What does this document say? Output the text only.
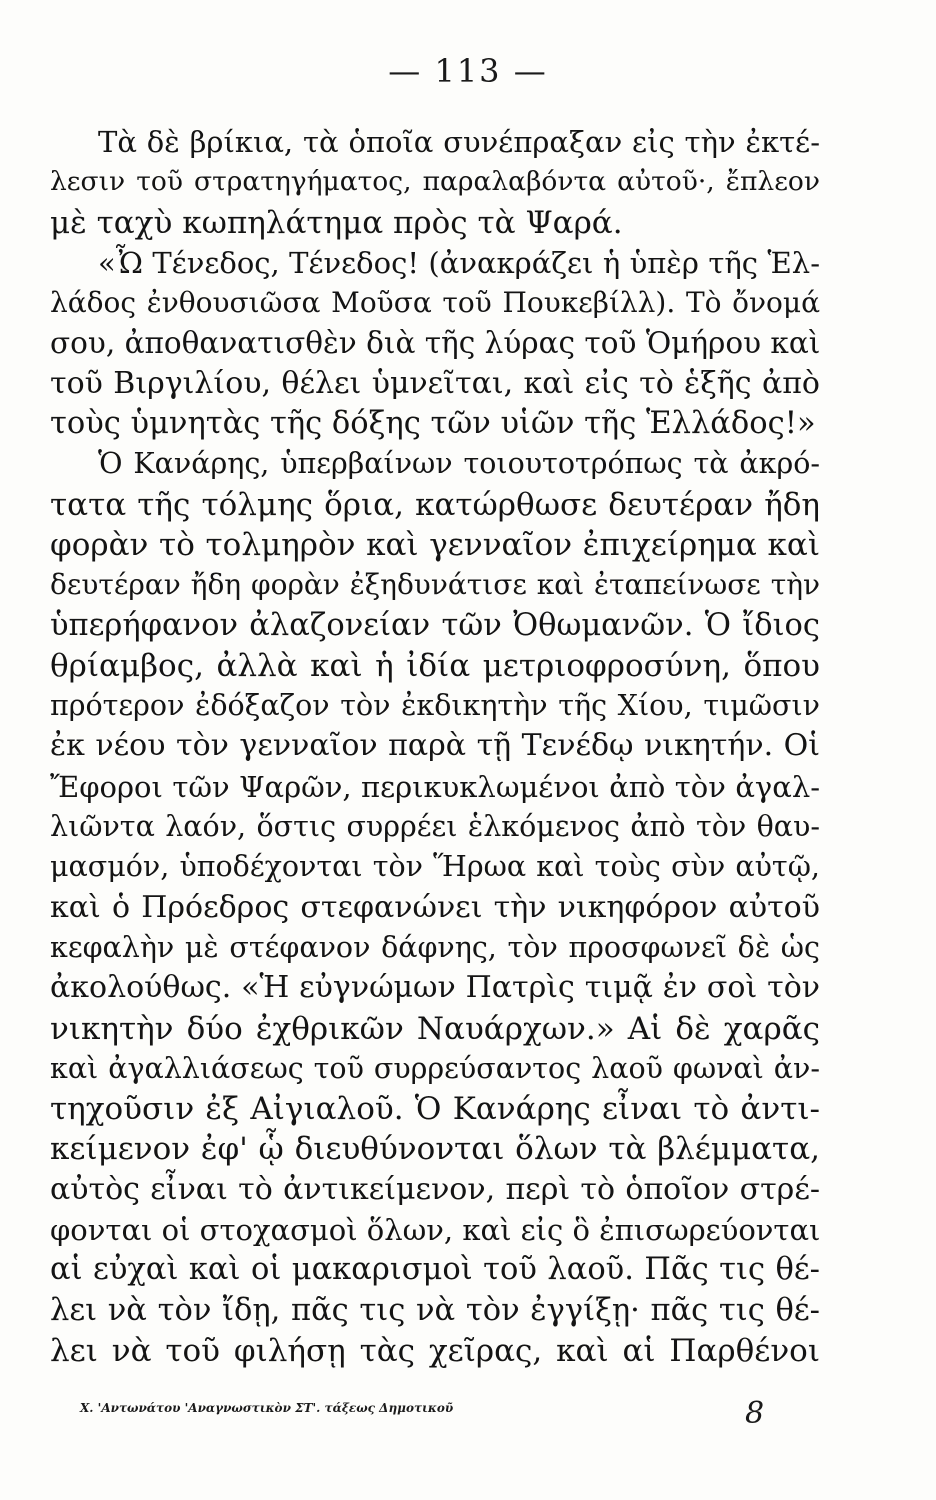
— 113 —
Τὰ δὲ βρίκια, τὰ ὁποῖα συνέπραξαν εἰς τὴν ἐκτέ-
λεσιν τοῦ στρατηγήματος, παραλαβόντα αὐτοῦ·, ἔπλεον
μὲ ταχὺ κωπηλάτημα πρὸς τὰ Ψαρά.
«Ὦ Τένεδος, Τένεδος! (ἀνακράζει ἡ ὑπὲρ τῆς Ἑλ-
λάδος ἐνθουσιῶσα Μοῦσα τοῦ Πουκεβίλλ). Τὸ ὄνομά
σου, ἀποθανατισθὲν διὰ τῆς λύρας τοῦ Ὁμήρου καὶ
τοῦ Βιργιλίου, θέλει ὑμνεῖται, καὶ εἰς τὸ ἑξῆς ἀπὸ
τοὺς ὑμνητὰς τῆς δόξης τῶν υἱῶν τῆς Ἑλλάδος!»
Ὁ Κανάρης, ὑπερβαίνων τοιουτοτρόπως τὰ ἀκρό-
τατα τῆς τόλμης ὅρια, κατώρθωσε δευτέραν ἤδη
φορὰν τὸ τολμηρὸν καὶ γενναῖον ἐπιχείρημα καὶ
δευτέραν ἤδη φορὰν ἐξηδυνάτισε καὶ ἐταπείνωσε τὴν
ὑπερήφανον ἀλαζονείαν τῶν Ὀθωμανῶν. Ὁ ἴδιος
θρίαμβος, ἀλλὰ καὶ ἡ ἰδία μετριοφροσύνη, ὅπου
πρότερον ἐδόξαζον τὸν ἐκδικητὴν τῆς Χίου, τιμῶσιν
ἐκ νέου τὸν γενναῖον παρὰ τῇ Τενέδῳ νικητήν. Οἱ
Ἔφοροι τῶν Ψαρῶν, περικυκλωμένοι ἀπὸ τὸν ἀγαλ-
λιῶντα λαόν, ὅστις συρρέει ἑλκόμενος ἀπὸ τὸν θαυ-
μασμόν, ὑποδέχονται τὸν Ἥρωα καὶ τοὺς σὺν αὐτῷ,
καὶ ὁ Πρόεδρος στεφανώνει τὴν νικηφόρον αὐτοῦ
κεφαλὴν μὲ στέφανον δάφνης, τὸν προσφωνεῖ δὲ ὡς
ἀκολούθως. «Ἡ εὐγνώμων Πατρὶς τιμᾷ ἐν σοὶ τὸν
νικητὴν δύο ἐχθρικῶν Ναυάρχων.» Αἱ δὲ χαρᾶς
καὶ ἀγαλλιάσεως τοῦ συρρεύσαντος λαοῦ φωναὶ ἀν-
τηχοῦσιν ἐξ Αἰγιαλοῦ. Ὁ Κανάρης εἶναι τὸ ἀντι-
κείμενον ἐφ' ᾧ διευθύνονται ὅλων τὰ βλέμματα,
αὐτὸς εἶναι τὸ ἀντικείμενον, περὶ τὸ ὁποῖον στρέ-
φονται οἱ στοχασμοὶ ὅλων, καὶ εἰς ὃ ἐπισωρεύονται
αἱ εὐχαὶ καὶ οἱ μακαρισμοὶ τοῦ λαοῦ. Πᾶς τις θέ-
λει νὰ τὸν ἴδῃ, πᾶς τις νὰ τὸν ἐγγίξῃ· πᾶς τις θέ-
λει νὰ τοῦ φιλήσῃ τὰς χεῖρας, καὶ αἱ Παρθένοι
Χ. 'Αντωνάτου 'Αναγνωστικὸν ΣΤ'. τάξεως Δημοτικοῦ	8
